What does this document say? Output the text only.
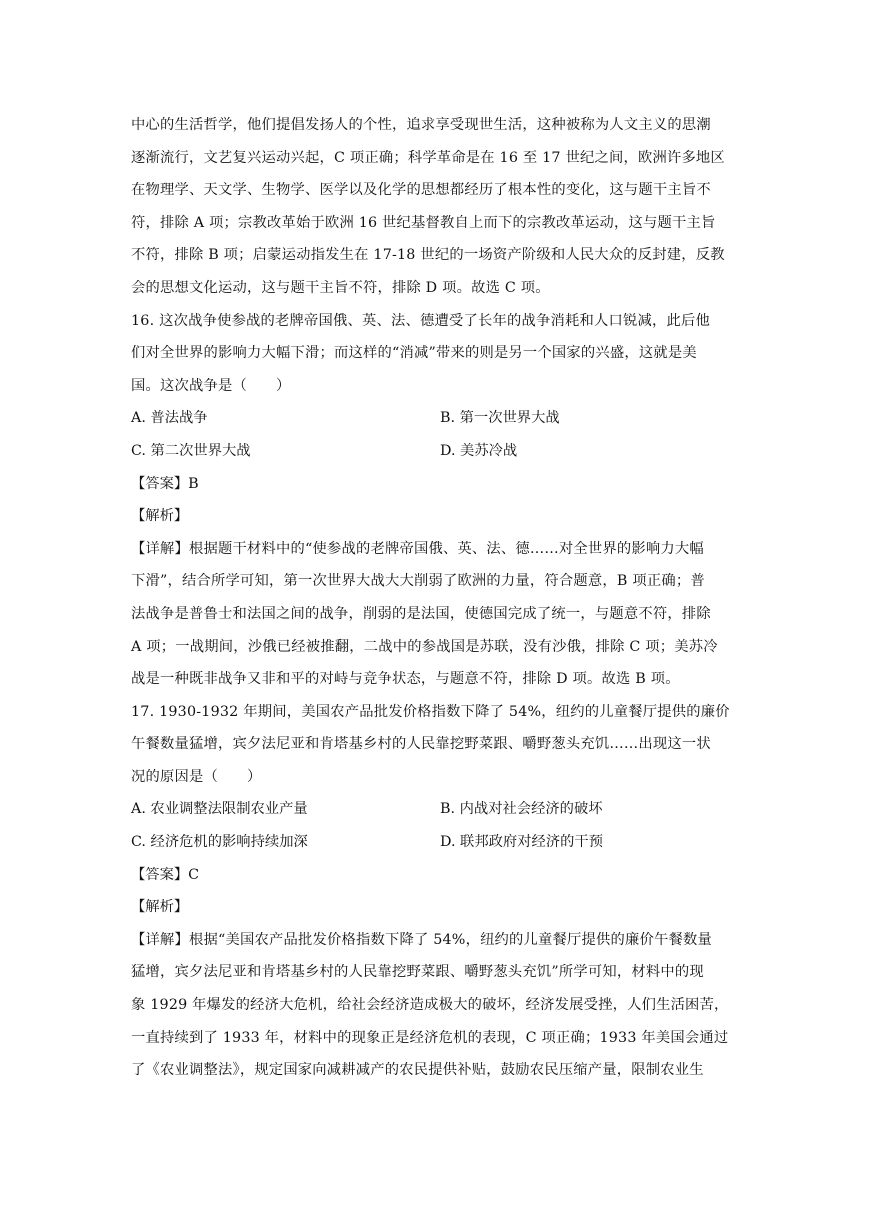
中心的生活哲学，他们提倡发扬人的个性，追求享受现世生活，这种被称为人文主义的思潮
逐渐流行，文艺复兴运动兴起，C 项正确；科学革命是在 16 至 17 世纪之间，欧洲许多地区
在物理学、天文学、生物学、医学以及化学的思想都经历了根本性的变化，这与题干主旨不
符，排除 A 项；宗教改革始于欧洲 16 世纪基督教自上而下的宗教改革运动，这与题干主旨
不符，排除 B 项；启蒙运动指发生在 17-18 世纪的一场资产阶级和人民大众的反封建，反教
会的思想文化运动，这与题干主旨不符，排除 D 项。故选 C 项。
16. 这次战争使参战的老牌帝国俄、英、法、德遭受了长年的战争消耗和人口锐减，此后他
们对全世界的影响力大幅下滑；而这样的“消减”带来的则是另一个国家的兴盛，这就是美
国。这次战争是（　　）
A. 普法战争	B. 第一次世界大战
C. 第二次世界大战	D. 美苏冷战
【答案】B
【解析】
【详解】根据题干材料中的“使参战的老牌帝国俄、英、法、德……对全世界的影响力大幅
下滑”，结合所学可知，第一次世界大战大大削弱了欧洲的力量，符合题意，B 项正确；普
法战争是普鲁士和法国之间的战争，削弱的是法国，使德国完成了统一，与题意不符，排除
A 项；一战期间，沙俄已经被推翻，二战中的参战国是苏联，没有沙俄，排除 C 项；美苏冷
战是一种既非战争又非和平的对峙与竞争状态，与题意不符，排除 D 项。故选 B 项。
17. 1930-1932 年期间，美国农产品批发价格指数下降了 54%，纽约的儿童餐厅提供的廉价
午餐数量猛增，宾夕法尼亚和肯塔基乡村的人民靠挖野菜跟、嚼野葱头充饥……出现这一状
况的原因是（　　）
A. 农业调整法限制农业产量	B. 内战对社会经济的破坏
C. 经济危机的影响持续加深	D. 联邦政府对经济的干预
【答案】C
【解析】
【详解】根据“美国农产品批发价格指数下降了 54%，纽约的儿童餐厅提供的廉价午餐数量
猛增，宾夕法尼亚和肯塔基乡村的人民靠挖野菜跟、嚼野葱头充饥”所学可知，材料中的现
象 1929 年爆发的经济大危机，给社会经济造成极大的破坏，经济发展受挫，人们生活困苦，
一直持续到了 1933 年，材料中的现象正是经济危机的表现，C 项正确；1933 年美国会通过
了《农业调整法》，规定国家向减耕减产的农民提供补贴，鼓励农民压缩产量，限制农业生
